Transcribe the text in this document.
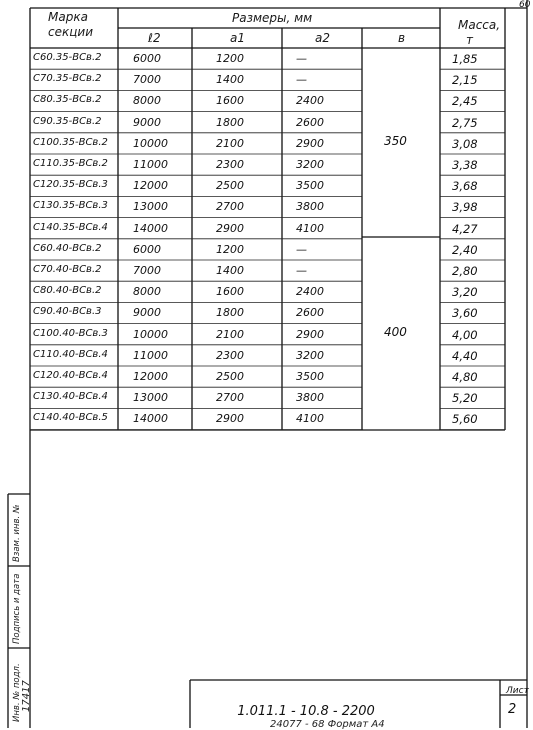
Марка
секции
Размеры, мм
ℓ2	a1	a2	в
Масса,
т
С60.35-ВСв.2	6000	1200	—	1,85
С70.35-ВСв.2	7000	1400	—	2,15
С80.35-ВСв.2	8000	1600	2400	2,45
С90.35-ВСв.2	9000	1800	2600	2,75
С100.35-ВСв.2 10000	2100	2900	3,08
С110.35-ВСв.2 11000	2300	3200	3,38
С120.35-ВСв.3 12000	2500	3500	3,68
С130.35-ВСв.3 13000	2700	3800	3,98
С140.35-ВСв.4 14000	2900	4100	4,27
С60.40-ВСв.2	6000	1200	—	2,40
С70.40-ВСв.2	7000	1400	—	2,80
С80.40-ВСв.2	8000	1600	2400	3,20
С90.40-ВСв.3	9000	1800	2600	3,60
С100.40-ВСв.3 10000	2100	2900	4,00
С110.40-ВСв.4 11000	2300	3200	4,40
С120.40-ВСв.4 12000	2500	3500	4,80
С130.40-ВСв.4 13000	2700	3800	5,20
С140.40-ВСв.5 14000	2900	4100	5,60
350
400
Инв. № подл. 17417
Подпись и дата
Взам. инв. №
1.011.1 - 10.8 - 2200
Лист
2
24077 - 68 Формат А4
60
